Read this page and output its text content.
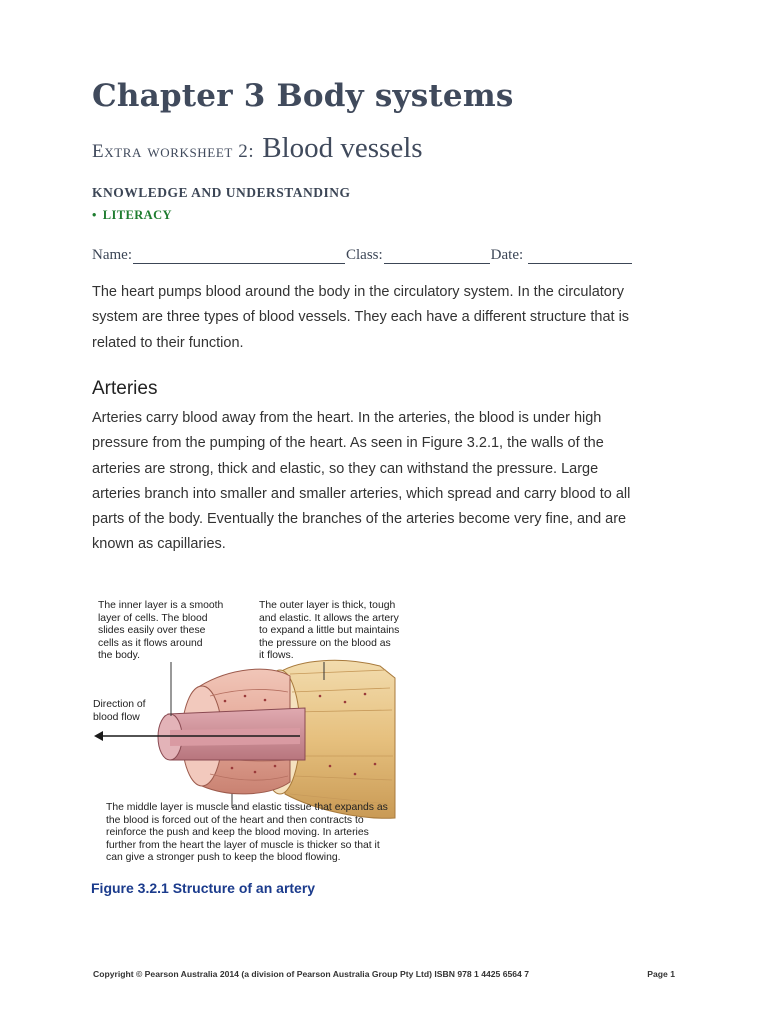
Chapter 3 Body systems
Extra worksheet 2: Blood vessels
KNOWLEDGE AND UNDERSTANDING
• LITERACY
Name:	Class:	Date:
The heart pumps blood around the body in the circulatory system. In the circulatory
system are three types of blood vessels. They each have a different structure that is
related to their function.
Arteries
Arteries carry blood away from the heart. In the arteries, the blood is under high
pressure from the pumping of the heart. As seen in Figure 3.2.1, the walls of the
arteries are strong, thick and elastic, so they can withstand the pressure. Large
arteries branch into smaller and smaller arteries, which spread and carry blood to all
parts of the body. Eventually the branches of the arteries become very fine, and are
known as capillaries.
The inner layer is a smooth
layer of cells. The blood
slides easily over these
cells as it flows around
the body.
The outer layer is thick, tough
and elastic. It allows the artery
to expand a little but maintains
the pressure on the blood as
it flows.
Direction of
blood flow
The middle layer is muscle and elastic tissue that expands as
the blood is forced out of the heart and then contracts to
reinforce the push and keep the blood moving. In arteries
further from the heart the layer of muscle is thicker so that it
can give a stronger push to keep the blood flowing.
Figure 3.2.1 Structure of an artery
Copyright © Pearson Australia 2014 (a division of Pearson Australia Group Pty Ltd) ISBN 978 1 4425 6564 7	Page 1
